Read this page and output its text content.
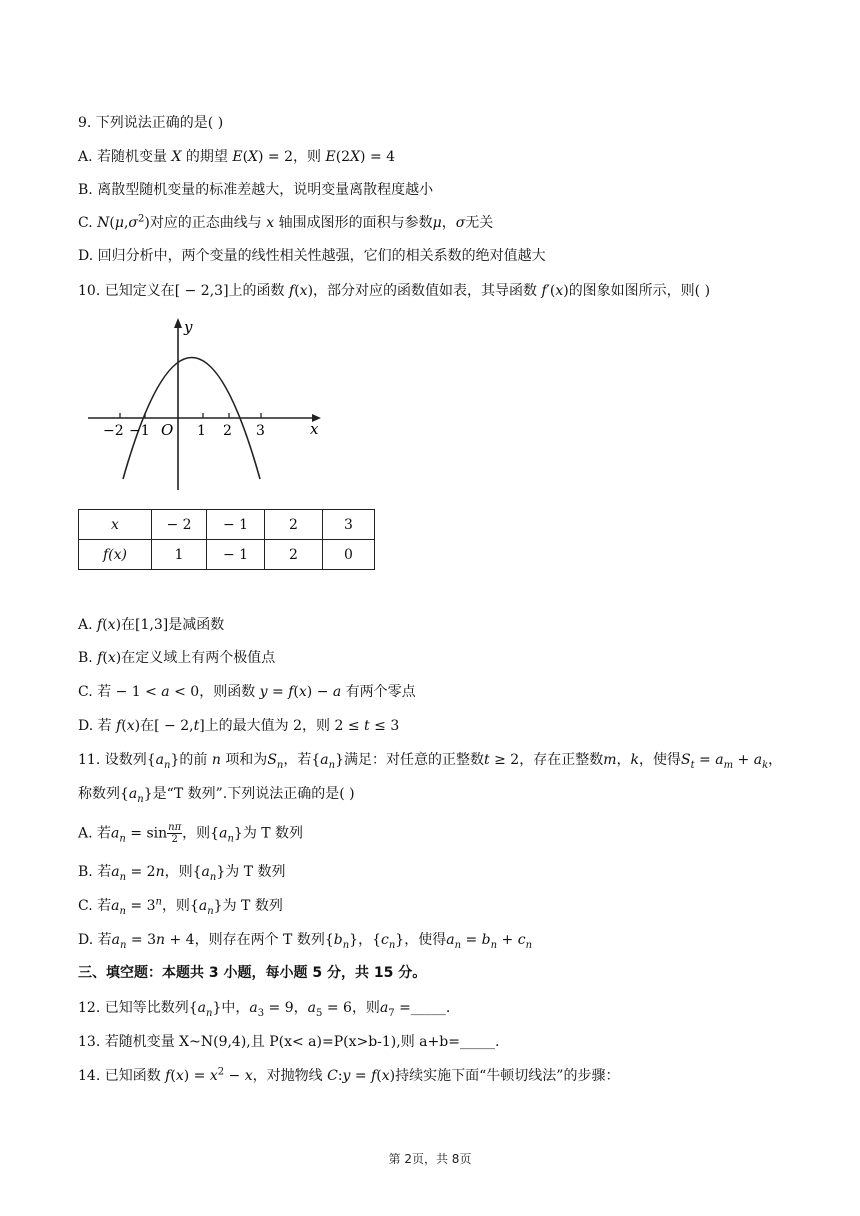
9. 下列说法正确的是( )
A. 若随机变量 X 的期望 E(X) = 2，则 E(2X) = 4
B. 离散型随机变量的标准差越大，说明变量离散程度越小
C. $N(\mu,\sigma^2)$对应的正态曲线与 x 轴围成图形的面积与参数μ，σ无关
D. 回归分析中，两个变量的线性相关性越强，它们的相关系数的绝对值越大
10. 已知定义在[ − 2,3]上的函数 f(x)，部分对应的函数值如表，其导函数 f′(x)的图象如图所示，则( )
y
x
O
−2 −1	1 2 3
x	− 2	− 1	2	3
f(x)	1	− 1	2	0
A. f(x)在[1,3]是减函数
B. f(x)在定义域上有两个极值点
C. 若 − 1 < a < 0，则函数 y = f(x) − a 有两个零点
D. 若 f(x)在[ − 2,t]上的最大值为 2，则 2 ≤ t ≤ 3
11. 设数列$\{a_n\}$的前 n 项和为$S_n$，若$\{a_n\}$满足：对任意的正整数t ≥ 2，存在正整数m，k，使得$S_t = a_m + a_k$，
称数列$\{a_n\}$是“T 数列”.下列说法正确的是( )
A. 若$a_n = \sin \frac{n\pi}{2}$ ，则$\{a_n\}$为 T 数列
B. 若$a_n = 2n$，则$\{a_n\}$为 T 数列
C. 若$a_n = 3^n$，则$\{a_n\}$为 T 数列
D. 若$a_n = 3n + 4$，则存在两个 T 数列$\{b_n\}$，$\{c_n\}$，使得$a_n = b_n + c_n$
三、填空题：本题共 3 小题，每小题 5 分，共 15 分。
12. 已知等比数列$\{a_n\}$中，$a_3 = 9$，$a_5 = 6$，则$a_7$ =_____.
13. 若随机变量 X~N(9,4),且 P(x< a)=P(x>b-1),则 a+b=_____.
14. 已知函数 $f(x) = x^2 - x$，对抛物线 C:y = f(x)持续实施下面“牛顿切线法”的步骤：
第 2页，共 8页
